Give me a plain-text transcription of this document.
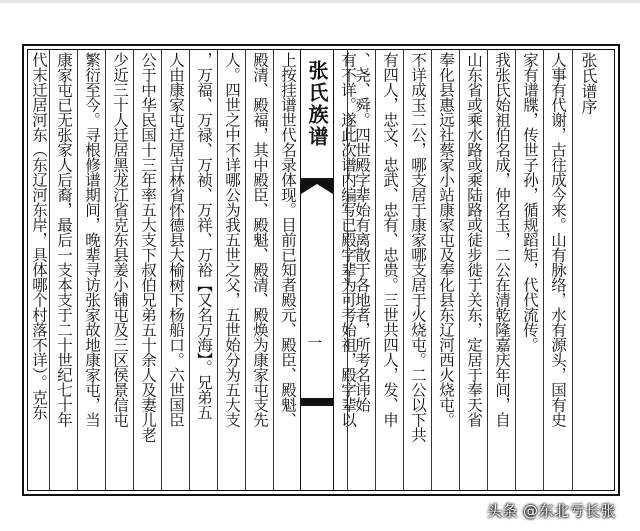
张氏谱序
人事有代谢，古往成今来。山有脉络，水有源头，国有史
家有谱牒，传世子孙，循规蹈矩，代代流传。
我张氏始祖伯名成，仲名玉，二公在清乾隆嘉庆年间，自
山东省或乘水路或乘陆路或徒步徙于关东，定居于奉天省
奉化县惠远社蔡家小站康家屯及奉化县东辽河西火烧屯。
不详成玉二公，哪支居于康家哪支居于火烧屯。二公以下共
有四人，忠文、忠武、忠有、忠贵。三世共四人，发、申
、尧、舜。四世殿字辈始有离散于各地者，所考名讳始
有不详。遂此次谱内编写已殿字辈为可考始祖，殿字辈以
张氏族谱
一
上按挂谱世代名录体现。目前已知者殿元、殿臣、殿魁、
殿清、殿福，其中殿臣、殿魁、殿清、殿焕为康家屯支先
人。四世之中不详哪公为我五世之父，五世始分为五大支
，万福、万禄、万祯、万祥、万裕【又名万海】。兄弟五
人由康家屯迁居吉林省怀德县大榆树下杨船口。六世国臣
公于中华民国十三年率五大支下叔伯兄弟五十余人及妻儿老
少近三十人迁居黑龙江省克东县姜小铺屯及三区侯景信屯
繁衍至今。寻根修谱期间，晚辈寻访张家故地康家屯，当
康家屯已无张家人后裔，最后一支本支于二十世纪七十年
代末迁居河东（东辽河东岸，具体哪个村落不详）。克东
头条 @东北亏长张
